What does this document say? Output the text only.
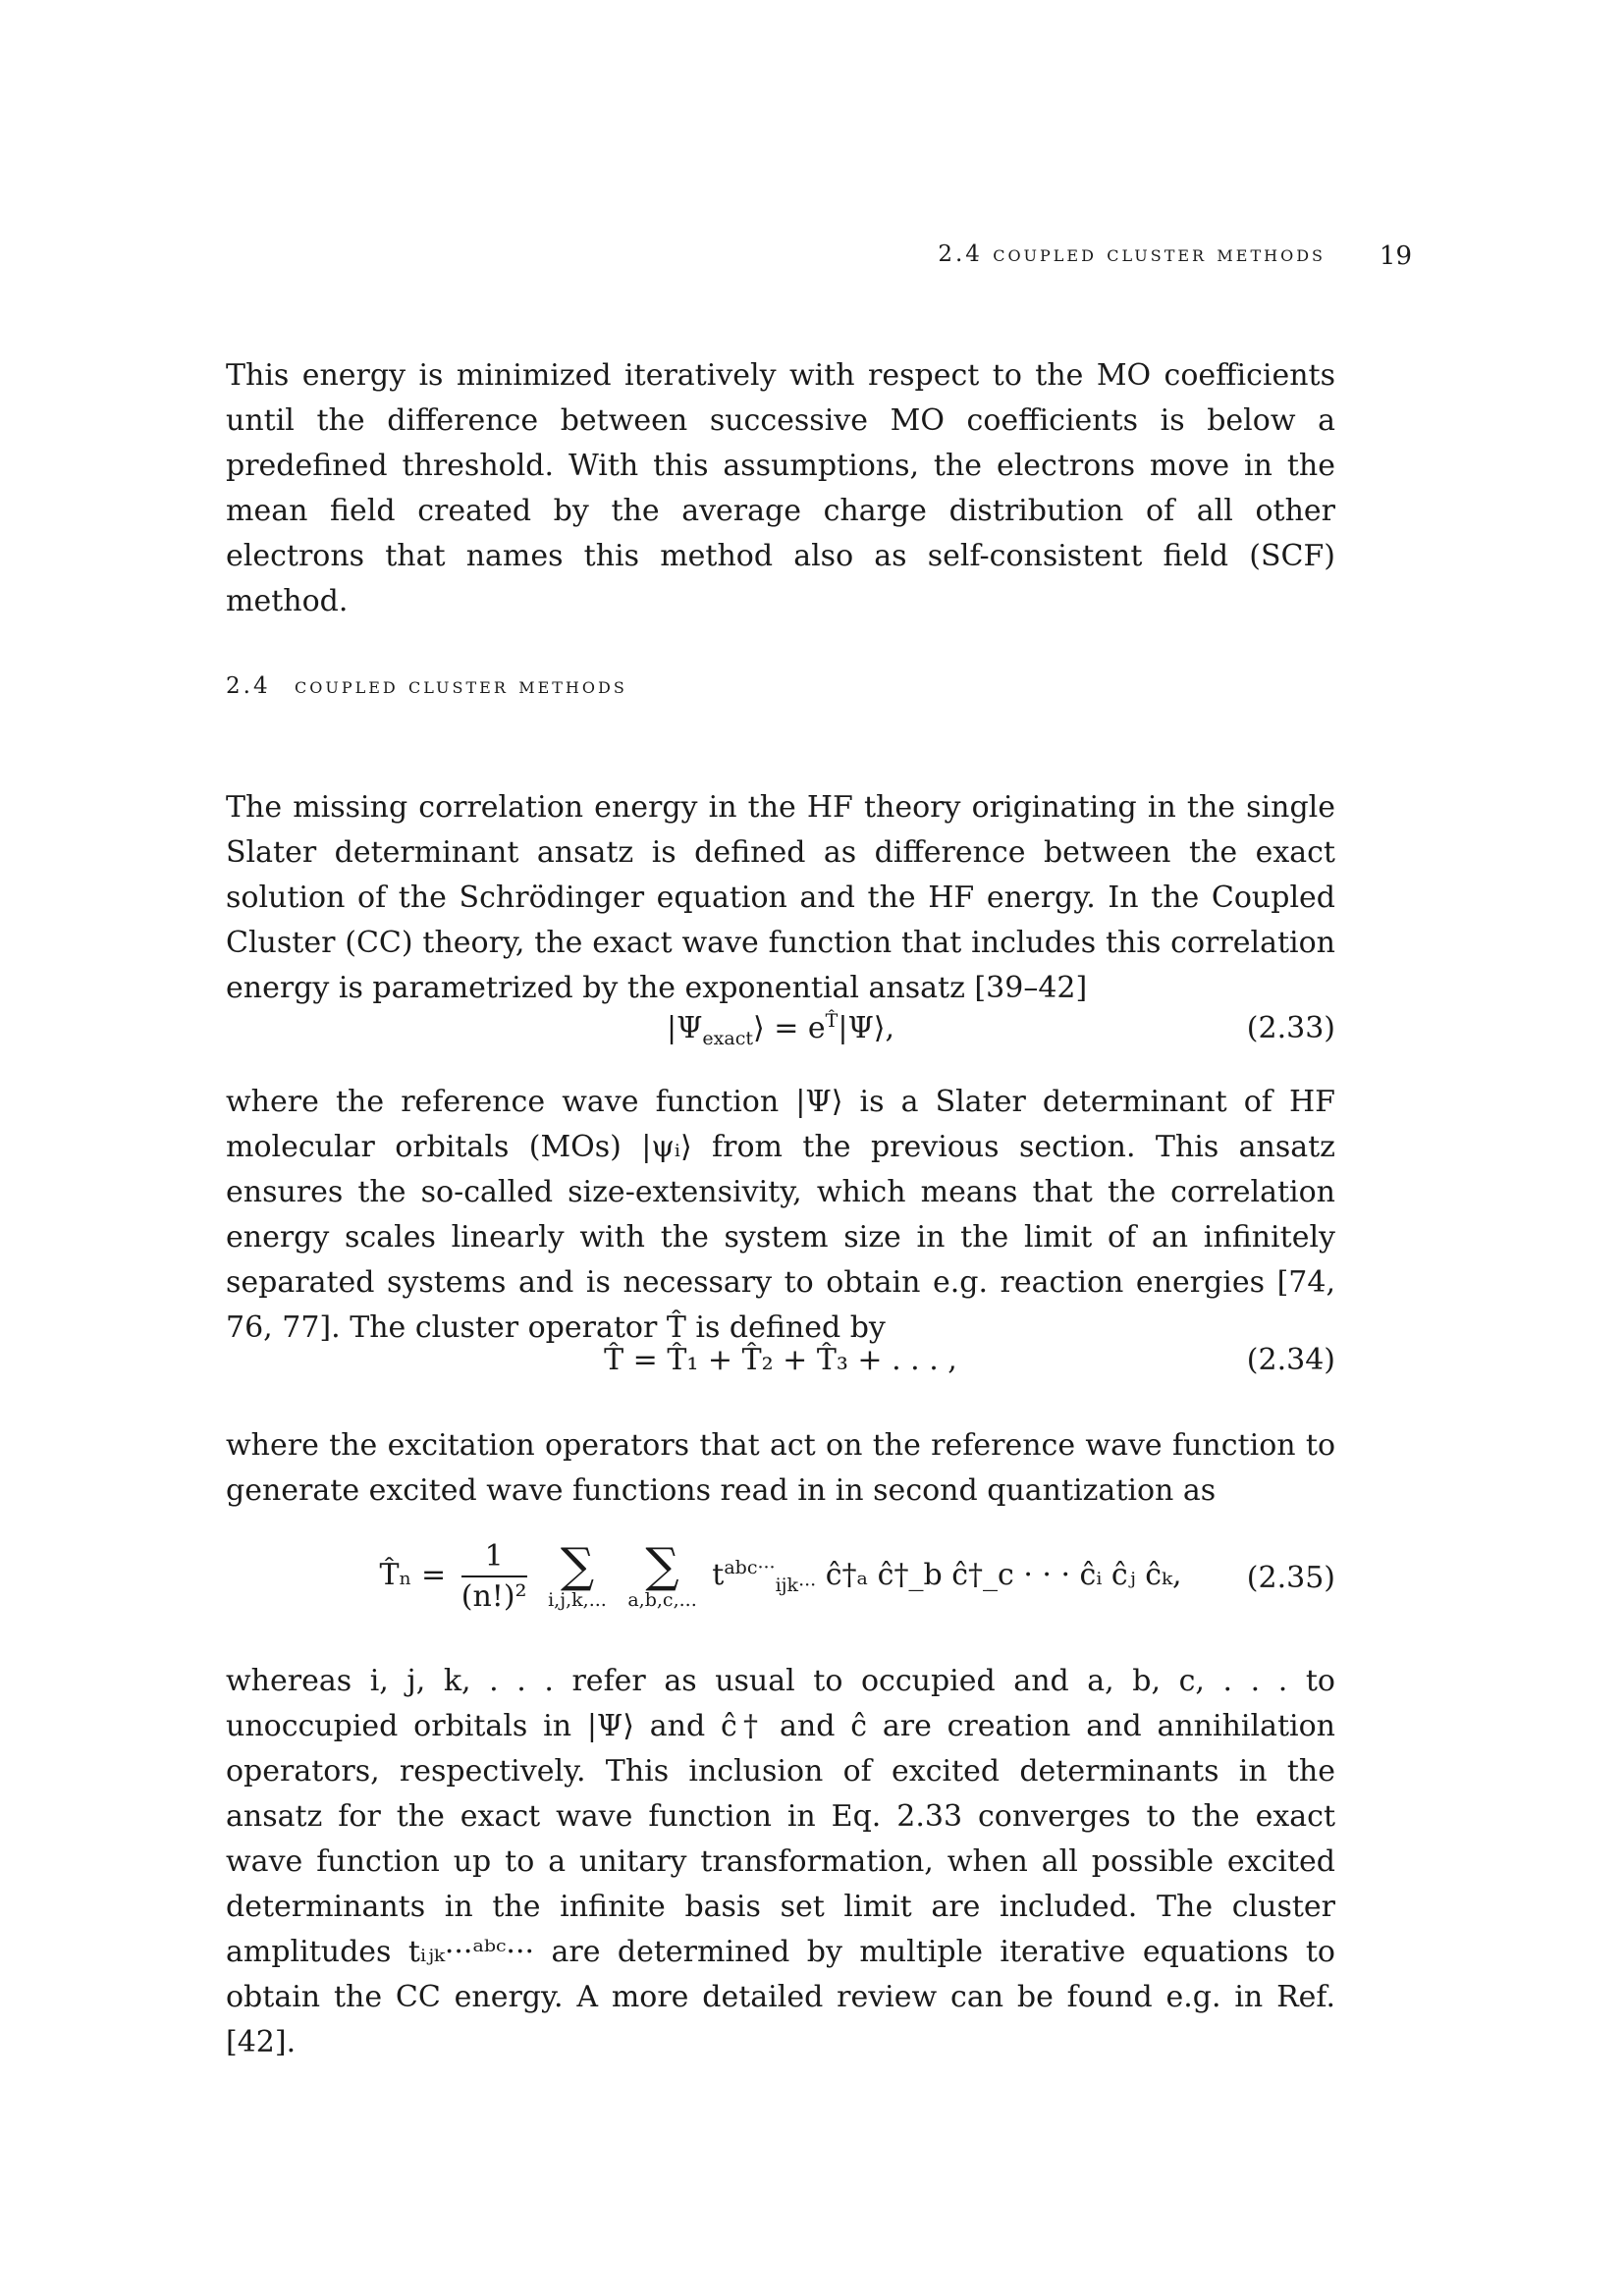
2.4 coupled cluster methods 19

This energy is minimized iteratively with respect to the MO coefficients until the difference between successive MO coefficients is below a predefined threshold. With this assumptions, the electrons move in the mean field created by the average charge distribution of all other electrons that names this method also as self-consistent field (SCF) method.

2.4 coupled cluster methods

The missing correlation energy in the HF theory originating in the single Slater determinant ansatz is defined as difference between the exact solution of the Schrödinger equation and the HF energy. In the Coupled Cluster (CC) theory, the exact wave function that includes this correlation energy is parametrized by the exponential ansatz [39–42]

$|\Psi_{exact}⟩$ = $e^{T̂}|\Psi⟩$,	(2.33)

where the reference wave function |Ψ⟩ is a Slater determinant of HF molecular orbitals (MOs) |ψᵢ⟩ from the previous section. This ansatz ensures the so-called size-extensivity, which means that the correlation energy scales linearly with the system size in the limit of an infinitely separated systems and is necessary to obtain e.g. reaction energies [74, 76, 77]. The cluster operator T̂ is defined by

T̂ = T̂₁ + T̂₂ + T̂₃ + . . . ,	(2.34)

where the excitation operators that act on the reference wave function to generate excited wave functions read in in second quantization as

T̂ₙ = $\frac{1}{\text{(n!)²}}$
∑
i,j,k,...

∑
a,b,c,...
$t^{abc\cdot\cdot\cdot}_{ijk\cdot\cdot\cdot}$ ĉ†ₐ ĉ†_b ĉ†_c · · · ĉᵢ ĉⱼ ĉₖ,	(2.35)

whereas i, j, k, . . . refer as usual to occupied and a, b, c, . . . to unoccupied orbitals in |Ψ⟩ and ĉ† and ĉ are creation and annihilation operators, respectively. This inclusion of excited determinants in the ansatz for the exact wave function in Eq. 2.33 converges to the exact wave function up to a unitary transformation, when all possible excited determinants in the infinite basis set limit are included. The cluster amplitudes tᵢⱼₖ···ᵃᵇᶜ··· are determined by multiple iterative equations to obtain the CC energy. A more detailed review can be found e.g. in Ref. [42].
